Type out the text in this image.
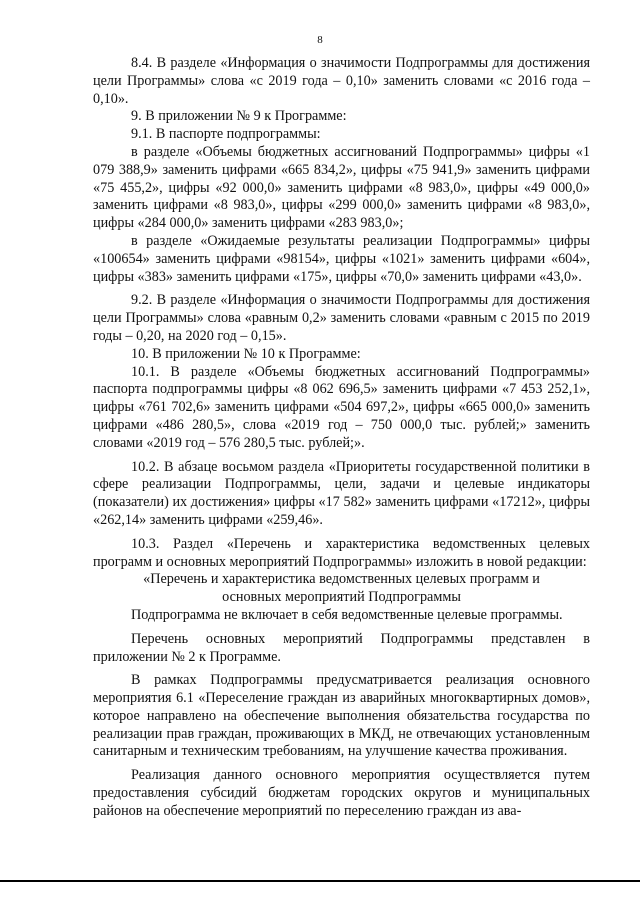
8

8.4. В разделе «Информация о значимости Подпрограммы для достижения цели Программы» слова «с 2019 года – 0,10» заменить словами «с 2016 года – 0,10».

9. В приложении № 9 к Программе:

9.1. В паспорте подпрограммы:

в разделе «Объемы бюджетных ассигнований Подпрограммы» цифры «1 079 388,9» заменить цифрами «665 834,2», цифры «75 941,9» заменить цифрами «75 455,2», цифры «92 000,0» заменить цифрами «8 983,0», цифры «49 000,0» заменить цифрами «8 983,0», цифры «299 000,0» заменить цифрами «8 983,0», цифры «284 000,0» заменить цифрами «283 983,0»;

в разделе «Ожидаемые результаты реализации Подпрограммы» цифры «100654» заменить цифрами «98154», цифры «1021» заменить цифрами «604», цифры «383» заменить цифрами «175», цифры «70,0» заменить цифрами «43,0».

9.2. В разделе «Информация о значимости Подпрограммы для достижения цели Программы» слова «равным 0,2» заменить словами «равным с 2015 по 2019 годы – 0,20, на 2020 год – 0,15».

10. В приложении № 10 к Программе:

10.1. В разделе «Объемы бюджетных ассигнований Подпрограммы» паспорта подпрограммы цифры «8 062 696,5» заменить цифрами «7 453 252,1», цифры «761 702,6» заменить цифрами «504 697,2», цифры «665 000,0» заменить цифрами «486 280,5», слова «2019 год – 750 000,0 тыс. рублей;» заменить словами «2019 год – 576 280,5 тыс. рублей;».

10.2. В абзаце восьмом раздела «Приоритеты государственной политики в сфере реализации Подпрограммы, цели, задачи и целевые индикаторы (показатели) их достижения» цифры «17 582» заменить цифрами «17212», цифры «262,14» заменить цифрами «259,46».

10.3. Раздел «Перечень и характеристика ведомственных целевых программ и основных мероприятий Подпрограммы» изложить в новой редакции:

«Перечень и характеристика ведомственных целевых программ и

основных мероприятий Подпрограммы

Подпрограмма не включает в себя ведомственные целевые программы.

Перечень основных мероприятий Подпрограммы представлен в приложении № 2 к Программе.

В рамках Подпрограммы предусматривается реализация основного мероприятия 6.1 «Переселение граждан из аварийных многоквартирных домов», которое направлено на обеспечение выполнения обязательства государства по реализации прав граждан, проживающих в МКД, не отвечающих установленным санитарным и техническим требованиям, на улучшение качества проживания.

Реализация данного основного мероприятия осуществляется путем предоставления субсидий бюджетам городских округов и муниципальных районов на обеспечение мероприятий по переселению граждан из ава-
